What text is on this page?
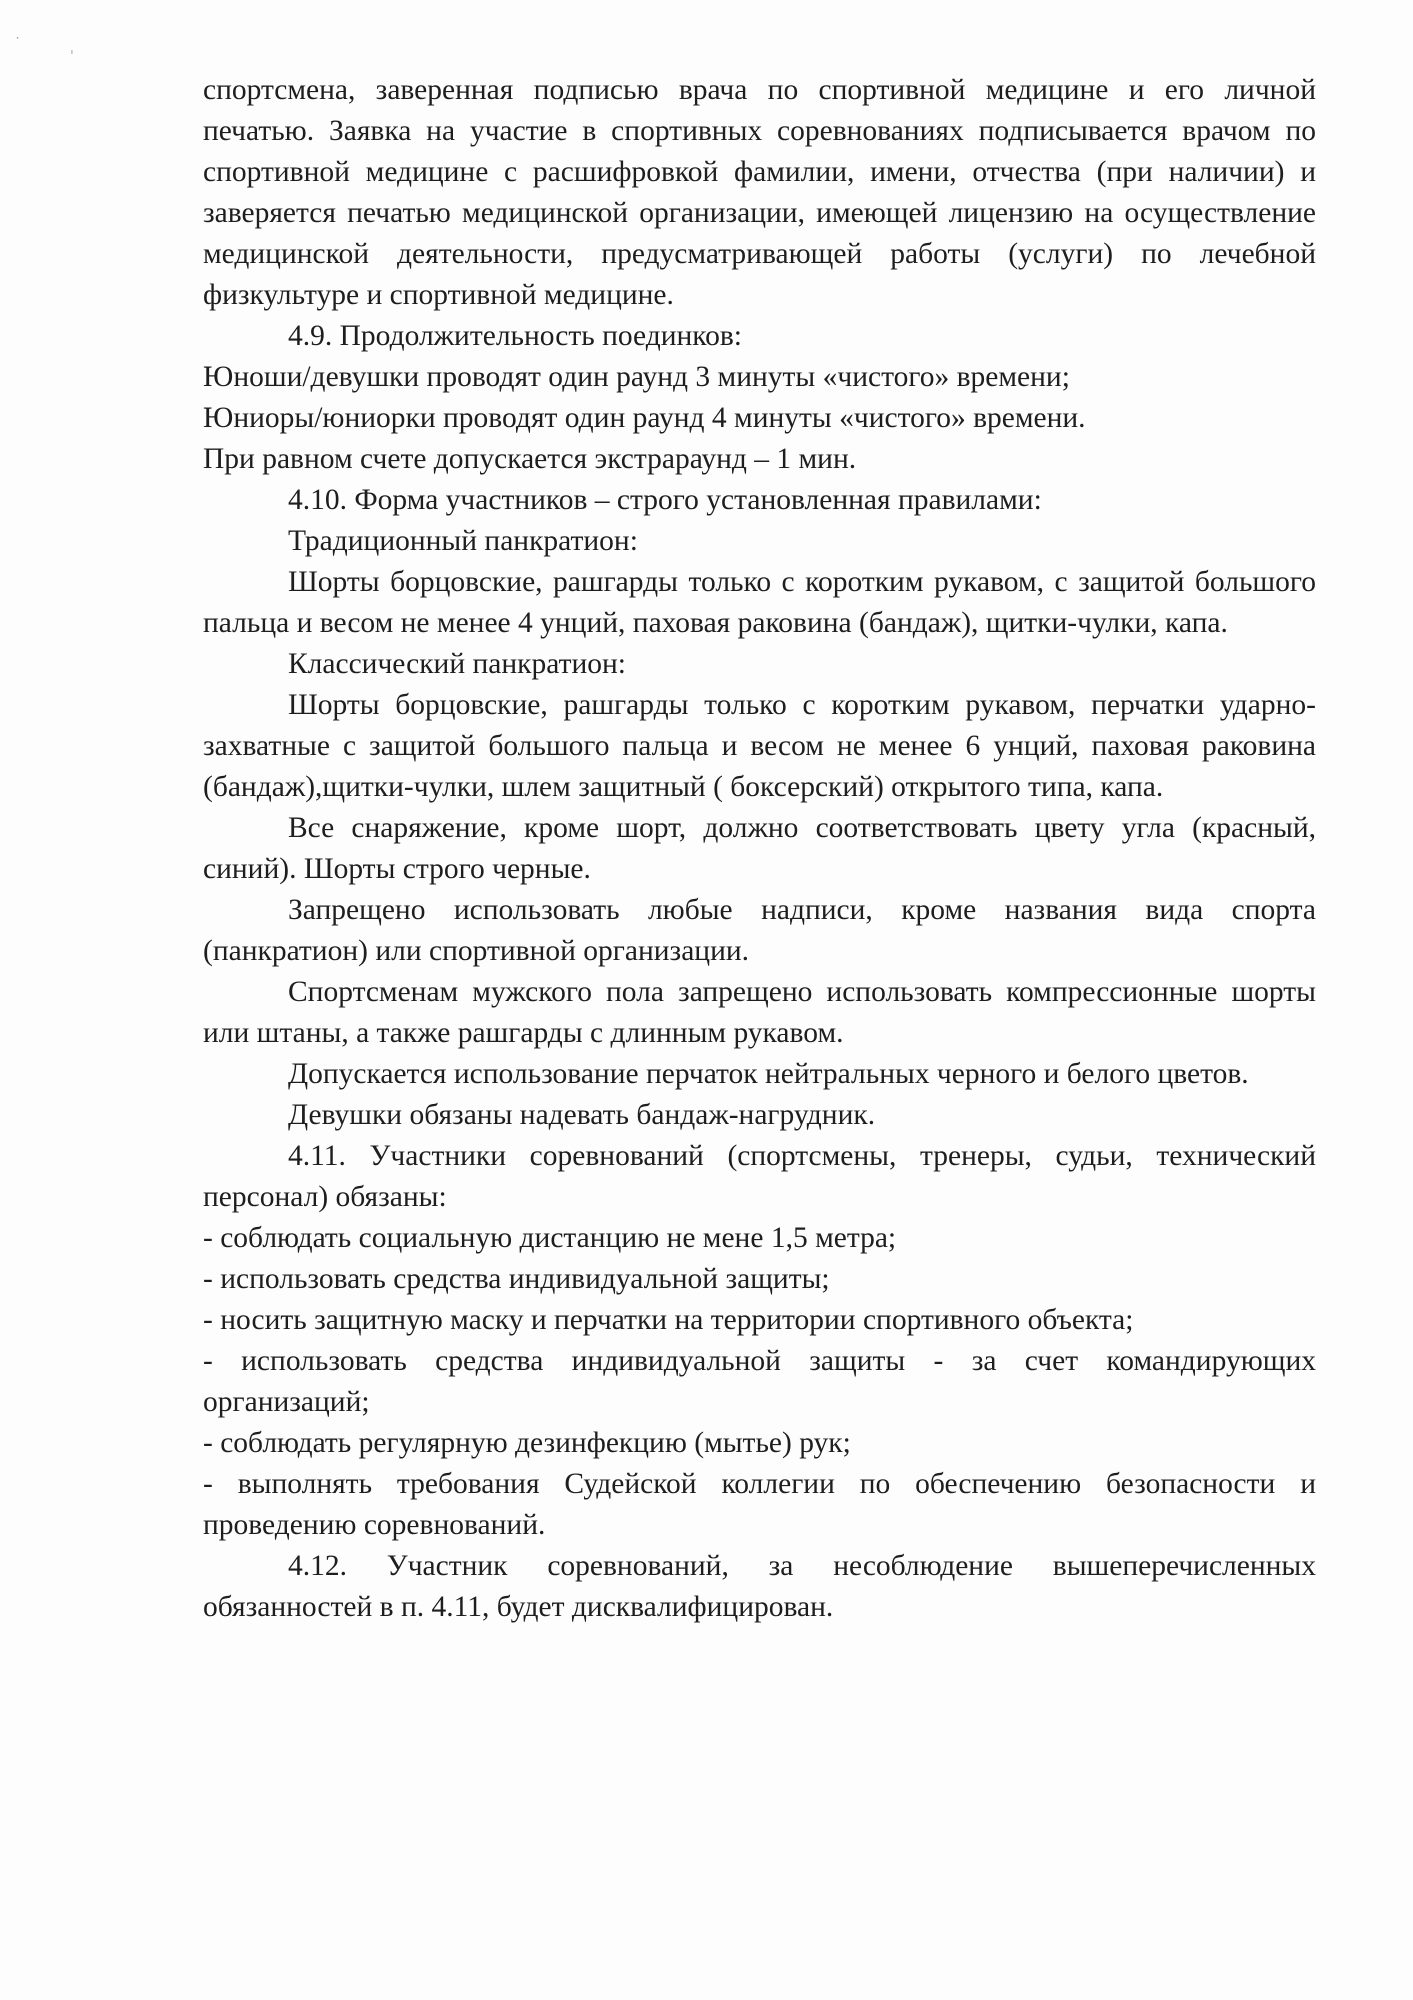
˙	ˌ

спортсмена, заверенная подписью врача по спортивной медицине и его личной печатью. Заявка на участие в спортивных соревнованиях подписывается врачом по спортивной медицине с расшифровкой фамилии, имени, отчества (при наличии) и заверяется печатью медицинской организации, имеющей лицензию на осуществление медицинской деятельности, предусматривающей работы (услуги) по лечебной физкультуре и спортивной медицине.

4.9. Продолжительность поединков:

Юноши/девушки проводят один раунд 3 минуты «чистого» времени;

Юниоры/юниорки проводят один раунд 4 минуты «чистого» времени.

При равном счете допускается экстрараунд – 1 мин.

4.10. Форма участников – строго установленная правилами:

Традиционный панкратион:

Шорты борцовские, рашгарды только с коротким рукавом, с защитой большого пальца и весом не менее 4 унций, паховая раковина (бандаж), щитки-чулки, капа.

Классический панкратион:

Шорты борцовские, рашгарды только с коротким рукавом, перчатки ударно-захватные с защитой большого пальца и весом не менее 6 унций, паховая раковина (бандаж),щитки-чулки, шлем защитный ( боксерский) открытого типа, капа.

Все снаряжение, кроме шорт, должно соответствовать цвету угла (красный, синий). Шорты строго черные.

Запрещено использовать любые надписи, кроме названия вида спорта (панкратион) или спортивной организации.

Спортсменам мужского пола запрещено использовать компрессионные шорты или штаны, а также рашгарды с длинным рукавом.

Допускается использование перчаток нейтральных черного и белого цветов.

Девушки обязаны надевать бандаж-нагрудник.

4.11. Участники соревнований (спортсмены, тренеры, судьи, технический персонал) обязаны:

- соблюдать социальную дистанцию не мене 1,5 метра;

- использовать средства индивидуальной защиты;

- носить защитную маску и перчатки на территории спортивного объекта;

- использовать средства индивидуальной защиты - за счет командирующих организаций;

- соблюдать регулярную дезинфекцию (мытье) рук;

- выполнять требования Судейской коллегии по обеспечению безопасности и проведению соревнований.

4.12. Участник соревнований, за несоблюдение вышеперечисленных обязанностей в п. 4.11, будет дисквалифицирован.
